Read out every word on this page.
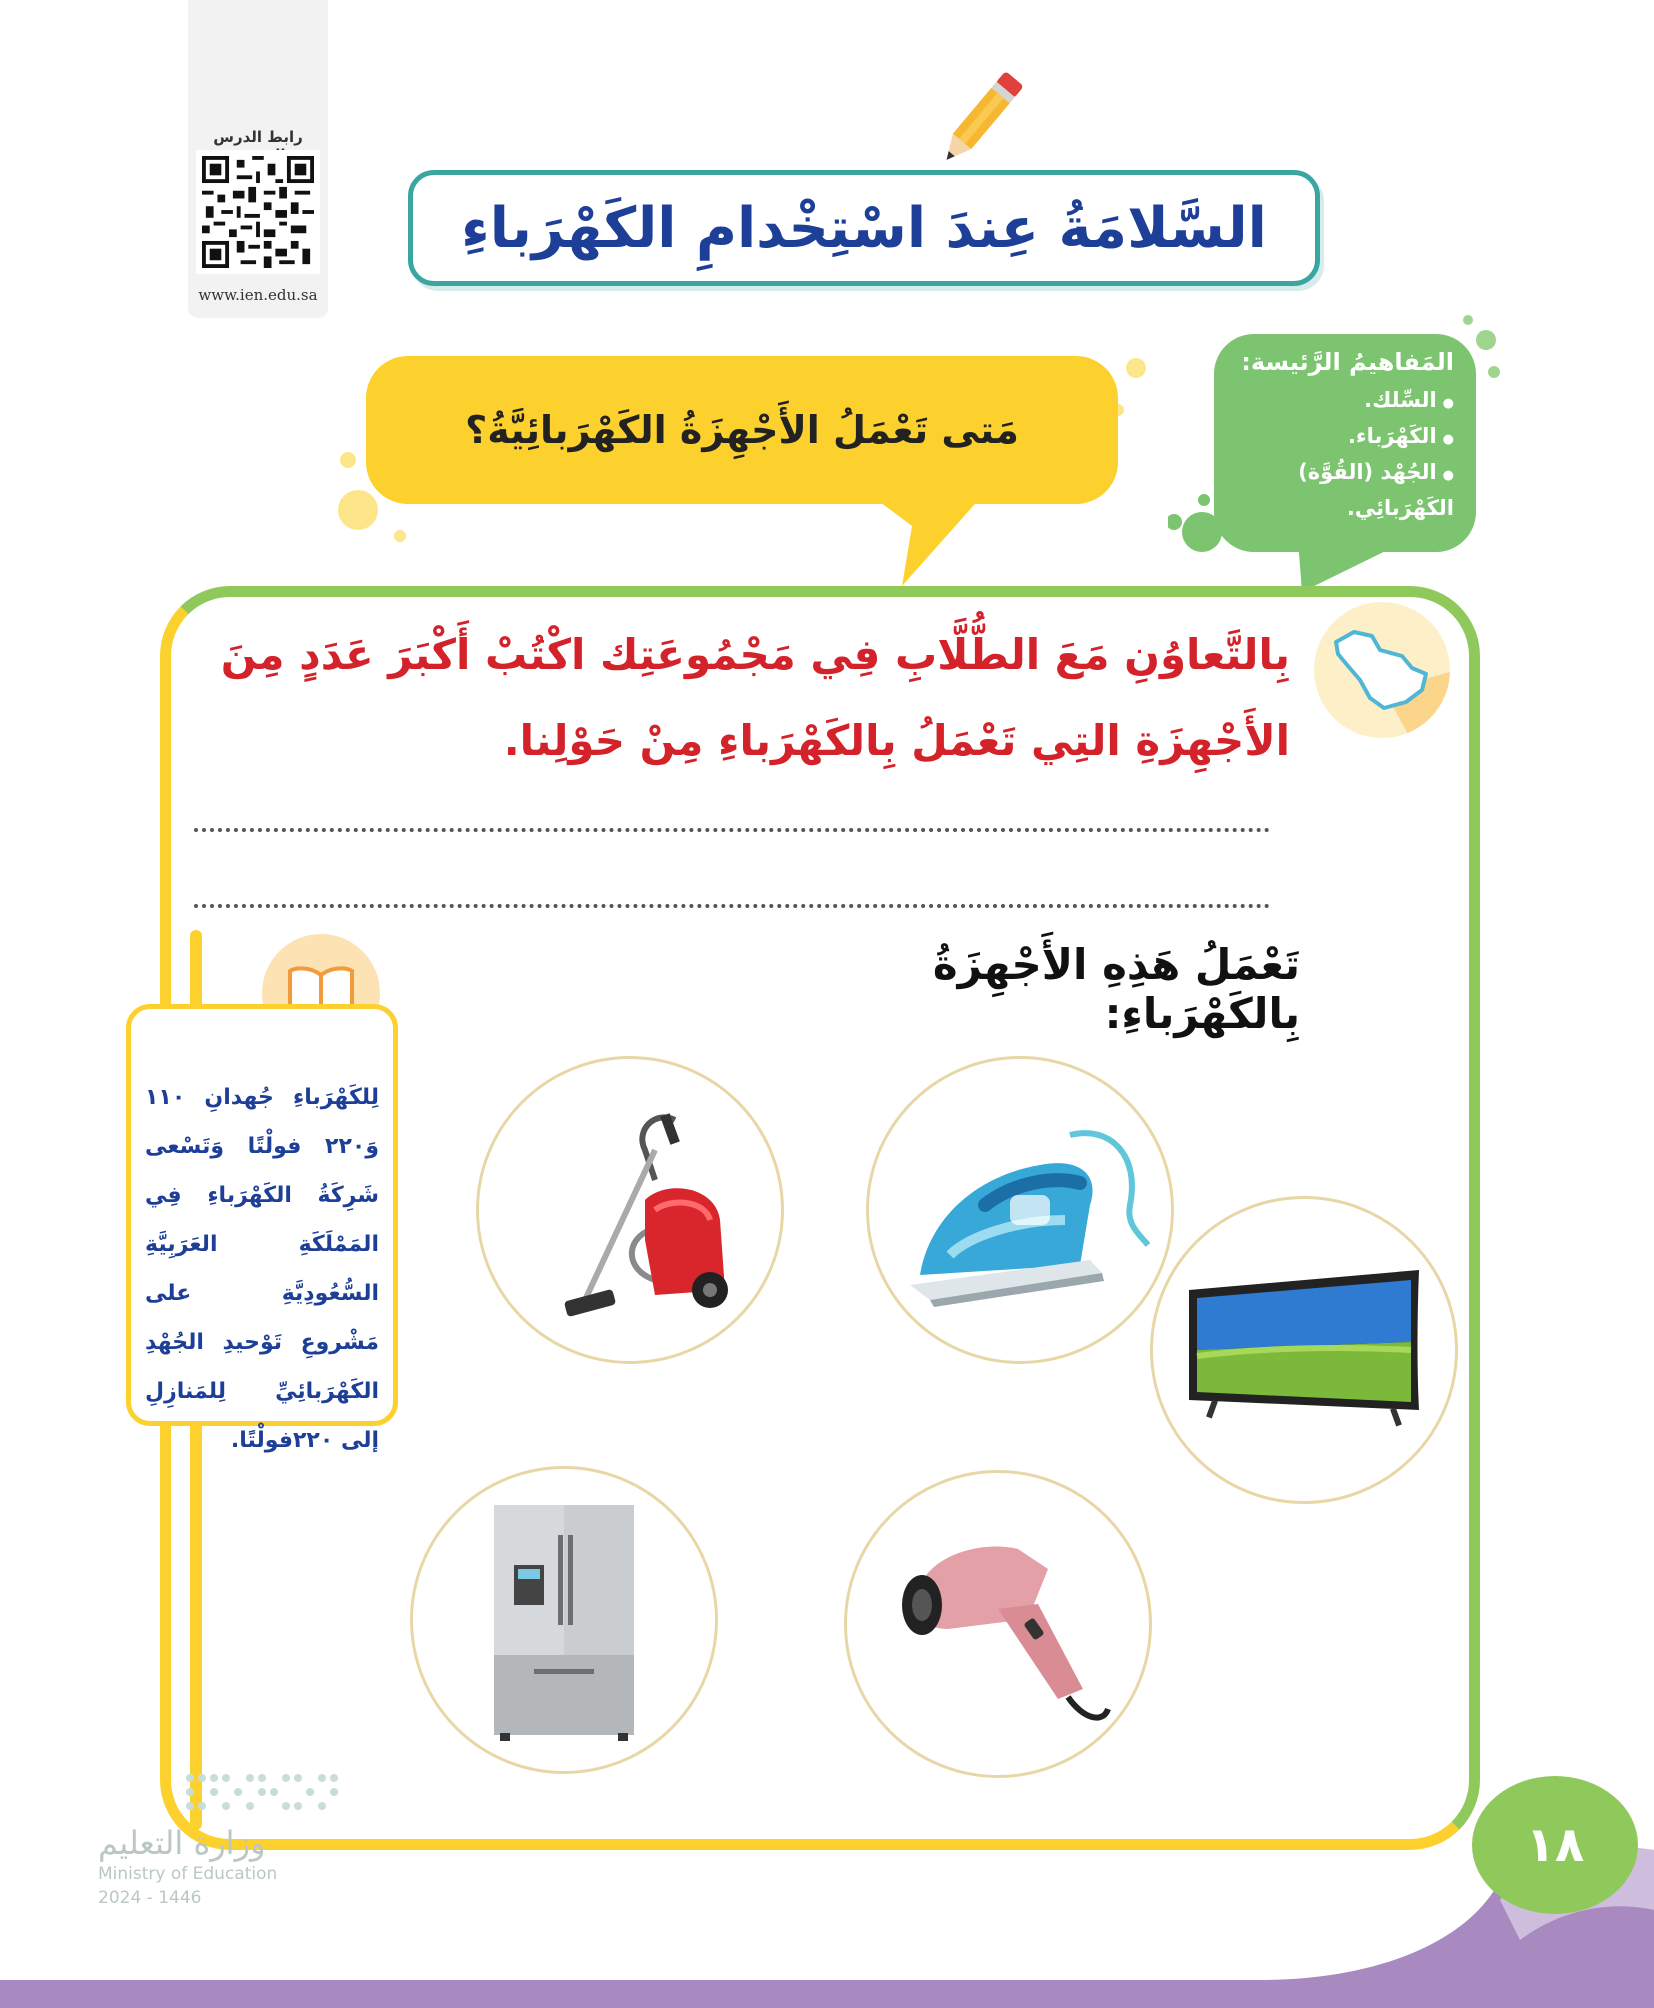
رابط الدرس
www.ien.edu.sa
السَّلامَةُ عِندَ اسْتِخْدامِ الكَهْرَباءِ
المَفاهيمُ الرَّئيسة:
● السِّلك.
● الكَهْرَباء.
● الجُهْد (القُوَّة) الكَهْرَبائِي.
مَتى تَعْمَلُ الأَجْهِزَةُ الكَهْرَبائِيَّةُ؟
بِالتَّعاوُنِ مَعَ الطُّلَّابِ فِي مَجْمُوعَتِك اكْتُبْ أَكْبَرَ عَدَدٍ مِنَ الأَجْهِزَةِ التِي تَعْمَلُ بِالكَهْرَباءِ مِنْ حَوْلِنا.
تَعْمَلُ هَذِهِ الأَجْهِزَةُ بِالكَهْرَباءِ:
لِلكَهْرَباءِ جُهدانِ ١١٠ وَ٢٢٠ فولْتًا وَتَسْعى شَرِكَةُ الكَهْرَباءِ فِي المَمْلَكَةِ العَرَبِيَّةِ السُّعُودِيَّةِ على مَشْروعِ تَوْحيدِ الجُهْدِ الكَهْرَبائِيِّ لِلمَنازِلِ إلى ٢٢٠فولْتًا.
وزارة التعليم
Ministry of Education
2024 - 1446
١٨
